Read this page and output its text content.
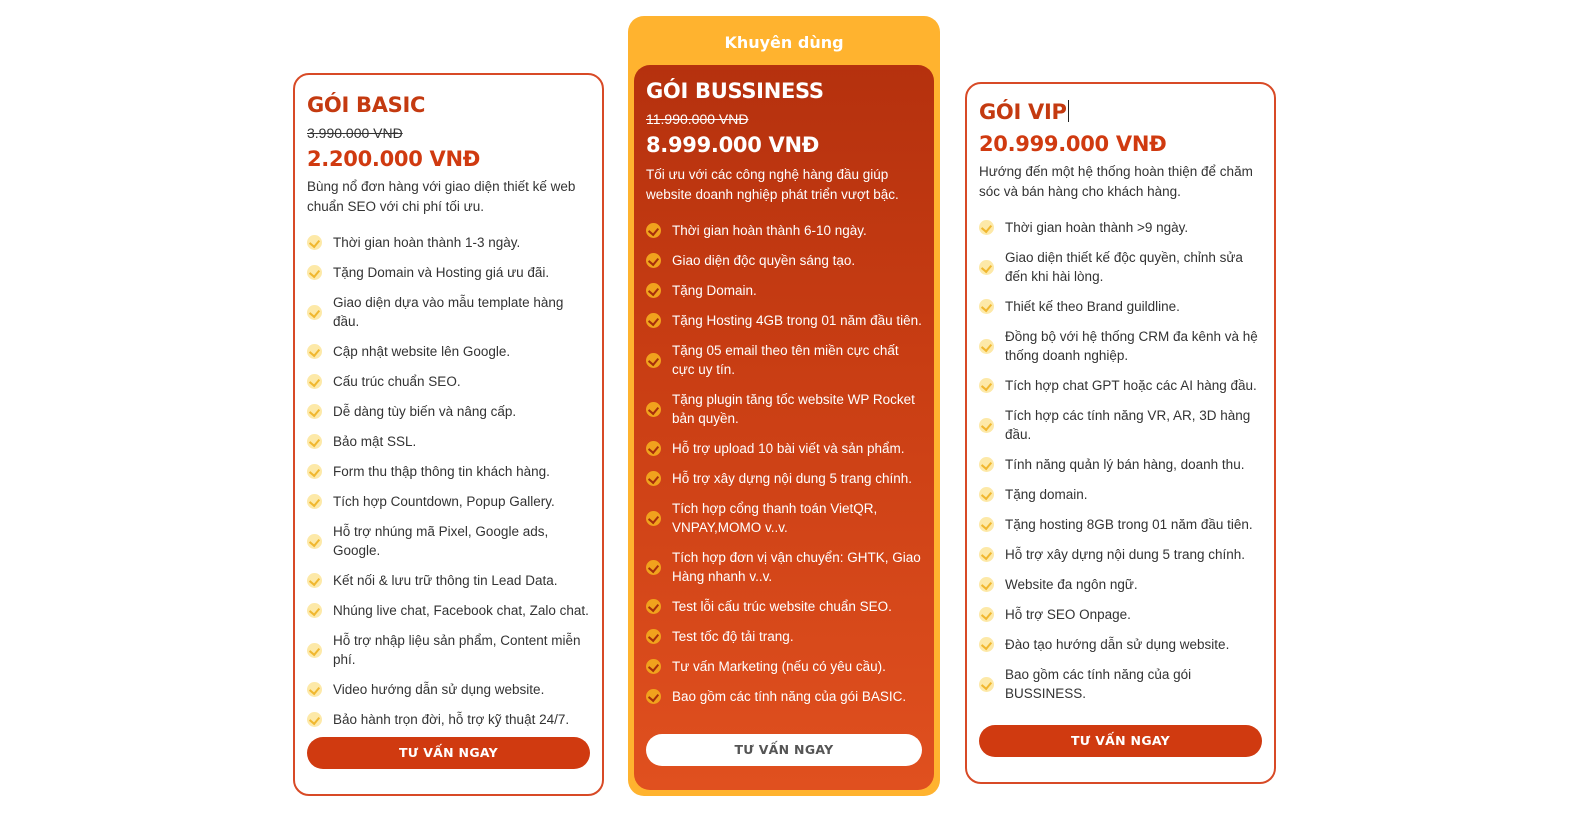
GÓI BASIC
3.990.000 VNĐ
2.200.000 VNĐ
Bùng nổ đơn hàng với giao diện thiết kế web chuẩn SEO với chi phí tối ưu.
Thời gian hoàn thành 1-3 ngày.
Tặng Domain và Hosting giá ưu đãi.
Giao diện dựa vào mẫu template hàng đầu.
Cập nhật website lên Google.
Cấu trúc chuẩn SEO.
Dễ dàng tùy biến và nâng cấp.
Bảo mật SSL.
Form thu thập thông tin khách hàng.
Tích hợp Countdown, Popup Gallery.
Hỗ trợ nhúng mã Pixel, Google ads, Google.
Kết nối & lưu trữ thông tin Lead Data.
Nhúng live chat, Facebook chat, Zalo chat.
Hỗ trợ nhập liệu sản phẩm, Content miễn phí.
Video hướng dẫn sử dụng website.
Bảo hành trọn đời, hỗ trợ kỹ thuật 24/7.
TƯ VẤN NGAY
Khuyên dùng
GÓI BUSSINESS
11.990.000 VNĐ
8.999.000 VNĐ
Tối ưu với các công nghệ hàng đầu giúp website doanh nghiệp phát triển vượt bậc.
Thời gian hoàn thành 6-10 ngày.
Giao diện độc quyền sáng tạo.
Tặng Domain.
Tặng Hosting 4GB trong 01 năm đầu tiên.
Tặng 05 email theo tên miền cực chất cực uy tín.
Tặng plugin tăng tốc website WP Rocket bản quyền.
Hỗ trợ upload 10 bài viết và sản phẩm.
Hỗ trợ xây dựng nội dung 5 trang chính.
Tích hợp cổng thanh toán VietQR, VNPAY,MOMO v..v.
Tích hợp đơn vị vận chuyển: GHTK, Giao Hàng nhanh v..v.
Test lỗi cấu trúc website chuẩn SEO.
Test tốc độ tải trang.
Tư vấn Marketing (nếu có yêu cầu).
Bao gồm các tính năng của gói BASIC.
TƯ VẤN NGAY
GÓI VIP
20.999.000 VNĐ
Hướng đến một hệ thống hoàn thiện để chăm sóc và bán hàng cho khách hàng.
Thời gian hoàn thành >9 ngày.
Giao diện thiết kế độc quyền, chỉnh sửa đến khi hài lòng.
Thiết kế theo Brand guildline.
Đồng bộ với hệ thống CRM đa kênh và hệ thống doanh nghiệp.
Tích hợp chat GPT hoặc các AI hàng đầu.
Tích hợp các tính năng VR, AR, 3D hàng đầu.
Tính năng quản lý bán hàng, doanh thu.
Tặng domain.
Tặng hosting 8GB trong 01 năm đầu tiên.
Hỗ trợ xây dựng nội dung 5 trang chính.
Website đa ngôn ngữ.
Hỗ trợ SEO Onpage.
Đào tạo hướng dẫn sử dụng website.
Bao gồm các tính năng của gói BUSSINESS.
TƯ VẤN NGAY
